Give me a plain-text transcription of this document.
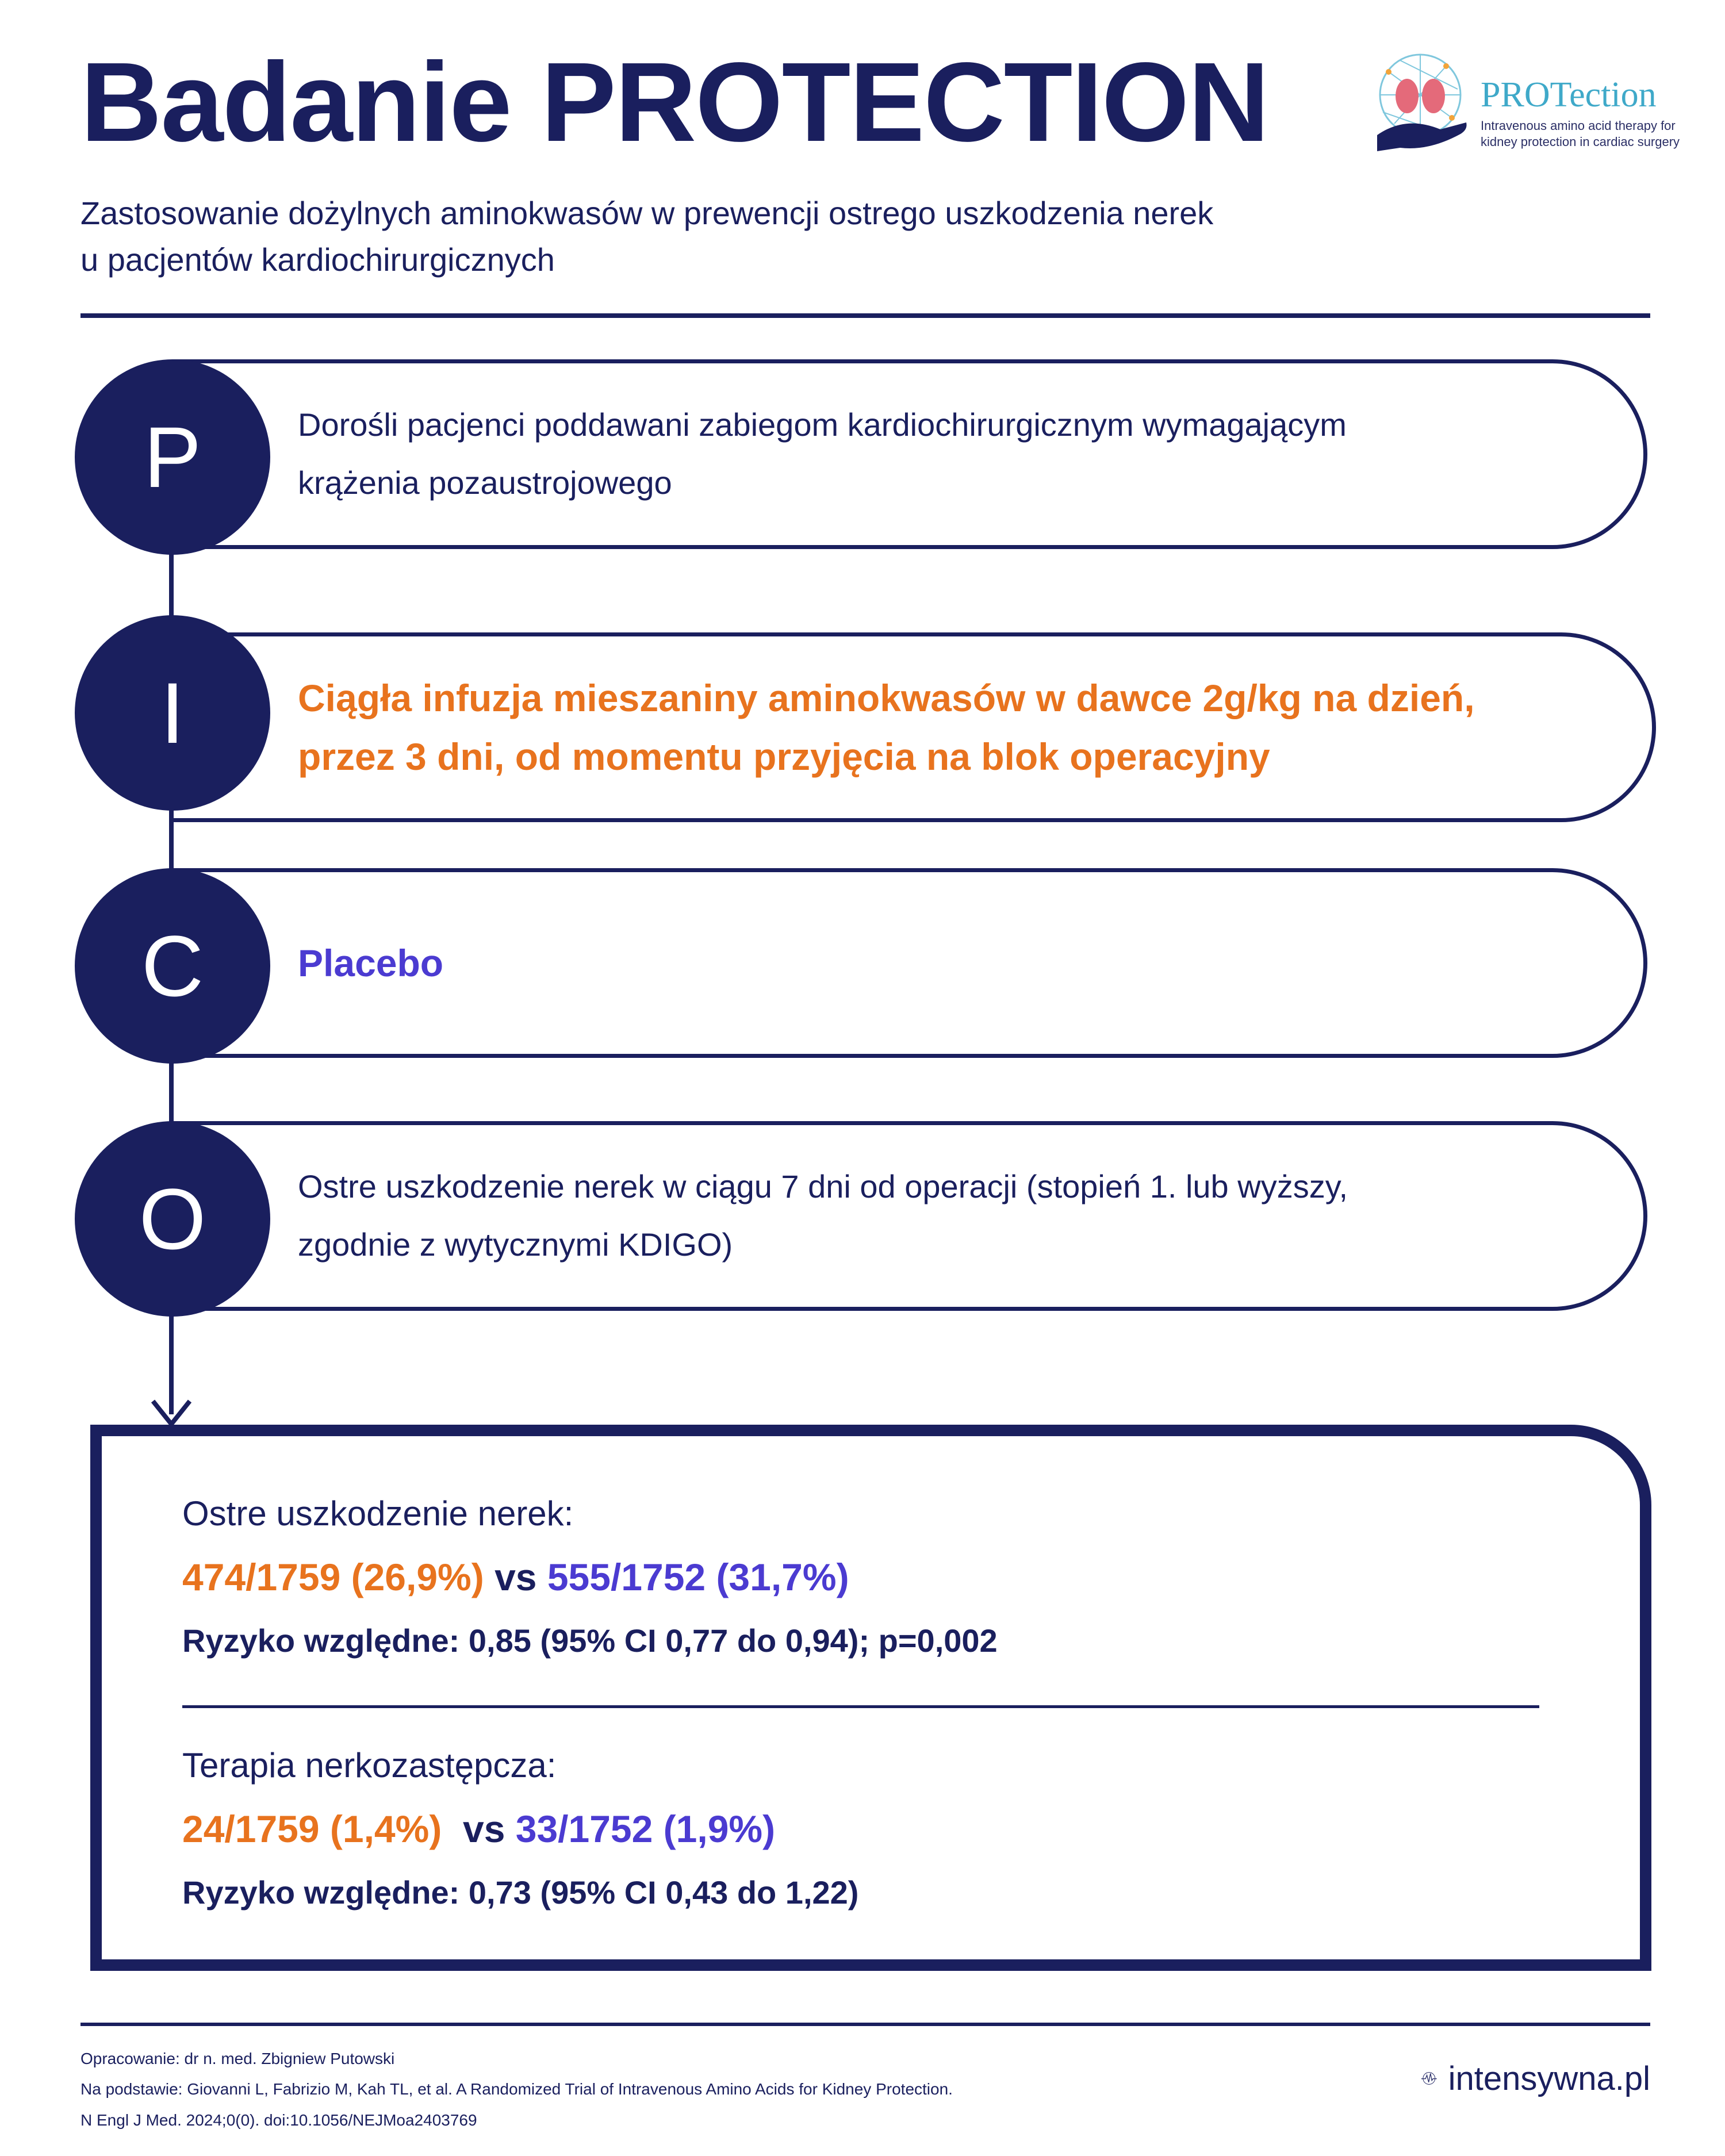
Badanie PROTECTION
Zastosowanie dożylnych aminokwasów w prewencji ostrego uszkodzenia nerek
u pacjentów kardiochirurgicznych
PROTection
Intravenous amino acid therapy for
kidney protection in cardiac surgery
P	Dorośli pacjenci poddawani zabiegom kardiochirurgicznym wymagającym
krążenia pozaustrojowego
I	Ciągła infuzja mieszaniny aminokwasów w dawce 2g/kg na dzień,
przez 3 dni, od momentu przyjęcia na blok operacyjny
C	Placebo
O	Ostre uszkodzenie nerek w ciągu 7 dni od operacji (stopień 1. lub wyższy,
zgodnie z wytycznymi KDIGO)
Ostre uszkodzenie nerek:
474/1759 (26,9%) vs 555/1752 (31,7%)
Ryzyko względne: 0,85 (95% CI 0,77 do 0,94); p=0,002
Terapia nerkozastępcza:
24/1759 (1,4%) vs 33/1752 (1,9%)
Ryzyko względne: 0,73 (95% CI 0,43 do 1,22)
Opracowanie: dr n. med. Zbigniew Putowski
Na podstawie: Giovanni L, Fabrizio M, Kah TL, et al. A Randomized Trial of Intravenous Amino Acids for Kidney Protection.
N Engl J Med. 2024;0(0). doi:10.1056/NEJMoa2403769
intensywna.pl
